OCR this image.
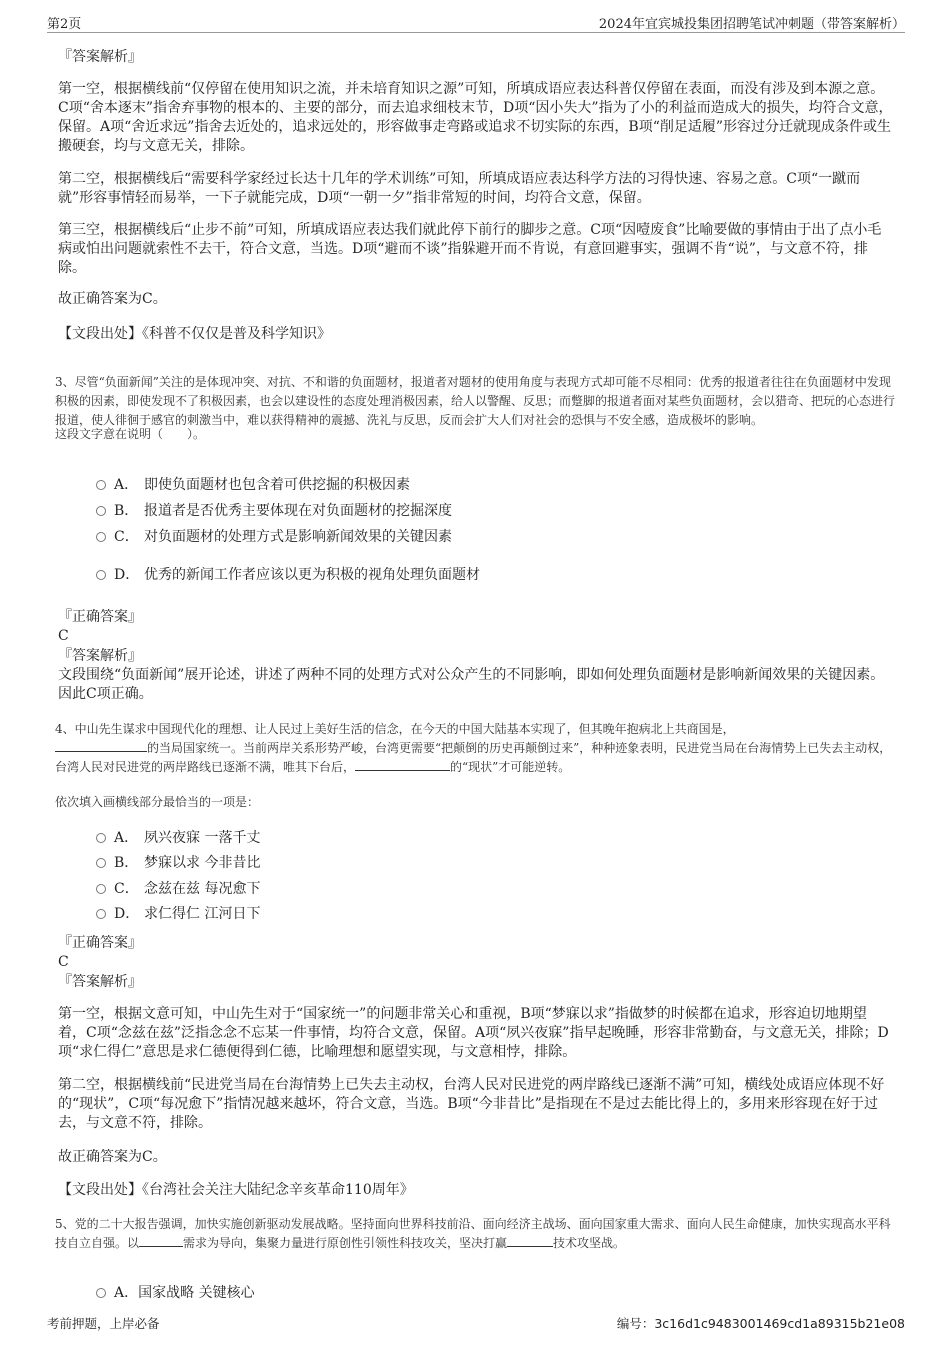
第2页	2024年宜宾城投集团招聘笔试冲刺题（带答案解析）
『答案解析』
第一空，根据横线前“仅停留在使用知识之流，并未培育知识之源”可知，所填成语应表达科普仅停留在表面，而没有涉及到本源之意。C项“舍本逐末”指舍弃事物的根本的、主要的部分，而去追求细枝末节，D项“因小失大”指为了小的利益而造成大的损失，均符合文意，保留。A项“舍近求远”指舍去近处的，追求远处的，形容做事走弯路或追求不切实际的东西，B项“削足适履”形容过分迁就现成条件或生搬硬套，均与文意无关，排除。
第二空，根据横线后“需要科学家经过长达十几年的学术训练”可知，所填成语应表达科学方法的习得快速、容易之意。C项“一蹴而就”形容事情轻而易举，一下子就能完成，D项“一朝一夕”指非常短的时间，均符合文意，保留。
第三空，根据横线后“止步不前”可知，所填成语应表达我们就此停下前行的脚步之意。C项“因噎废食”比喻要做的事情由于出了点小毛病或怕出问题就索性不去干，符合文意，当选。D项“避而不谈”指躲避开而不肯说，有意回避事实，强调不肯“说”，与文意不符，排除。
故正确答案为C。
【文段出处】《科普不仅仅是普及科学知识》
3、尽管“负面新闻”关注的是体现冲突、对抗、不和谐的负面题材，报道者对题材的使用角度与表现方式却可能不尽相同：优秀的报道者往往在负面题材中发现积极的因素，即使发现不了积极因素，也会以建设性的态度处理消极因素，给人以警醒、反思；而蹩脚的报道者面对某些负面题材，会以猎奇、把玩的心态进行报道，使人徘徊于感官的刺激当中，难以获得精神的震撼、洗礼与反思，反而会扩大人们对社会的恐惧与不安全感，造成极坏的影响。
这段文字意在说明（　　）。
A． 即使负面题材也包含着可供挖掘的积极因素
B． 报道者是否优秀主要体现在对负面题材的挖掘深度
C． 对负面题材的处理方式是影响新闻效果的关键因素
D． 优秀的新闻工作者应该以更为积极的视角处理负面题材
『正确答案』
C
『答案解析』
文段围绕“负面新闻”展开论述，讲述了两种不同的处理方式对公众产生的不同影响，即如何处理负面题材是影响新闻效果的关键因素。因此C项正确。
4、中山先生谋求中国现代化的理想、让人民过上美好生活的信念，在今天的中国大陆基本实现了，但其晚年抱病北上共商国是，
的当局国家统一。当前两岸关系形势严峻，台湾更需要“把颠倒的历史再颠倒过来”，种种迹象表明，民进党当局在台海情势上已失去主动权，台湾人民对民进党的两岸路线已逐渐不满，唯其下台后，	的“现状”才可能逆转。
依次填入画横线部分最恰当的一项是：
A． 夙兴夜寐 一落千丈
B． 梦寐以求 今非昔比
C． 念兹在兹 每况愈下
D． 求仁得仁 江河日下
『正确答案』
C
『答案解析』
第一空，根据文意可知，中山先生对于“国家统一”的问题非常关心和重视，B项“梦寐以求”指做梦的时候都在追求，形容迫切地期望着，C项“念兹在兹”泛指念念不忘某一件事情，均符合文意，保留。A项“夙兴夜寐”指早起晚睡，形容非常勤奋，与文意无关，排除；D项“求仁得仁”意思是求仁德便得到仁德，比喻理想和愿望实现，与文意相悖，排除。
第二空，根据横线前“民进党当局在台海情势上已失去主动权，台湾人民对民进党的两岸路线已逐渐不满”可知，横线处成语应体现不好的“现状”，C项“每况愈下”指情况越来越坏，符合文意，当选。B项“今非昔比”是指现在不是过去能比得上的，多用来形容现在好于过去，与文意不符，排除。
故正确答案为C。
【文段出处】《台湾社会关注大陆纪念辛亥革命110周年》
5、党的二十大报告强调，加快实施创新驱动发展战略。坚持面向世界科技前沿、面向经济主战场、面向国家重大需求、面向人民生命健康，加快实现高水平科技自立自强。以	需求为导向，集聚力量进行原创性引领性科技攻关，坚决打赢	技术攻坚战。
A．国家战略 关键核心
考前押题，上岸必备	编号：3c16d1c9483001469cd1a89315b21e08
